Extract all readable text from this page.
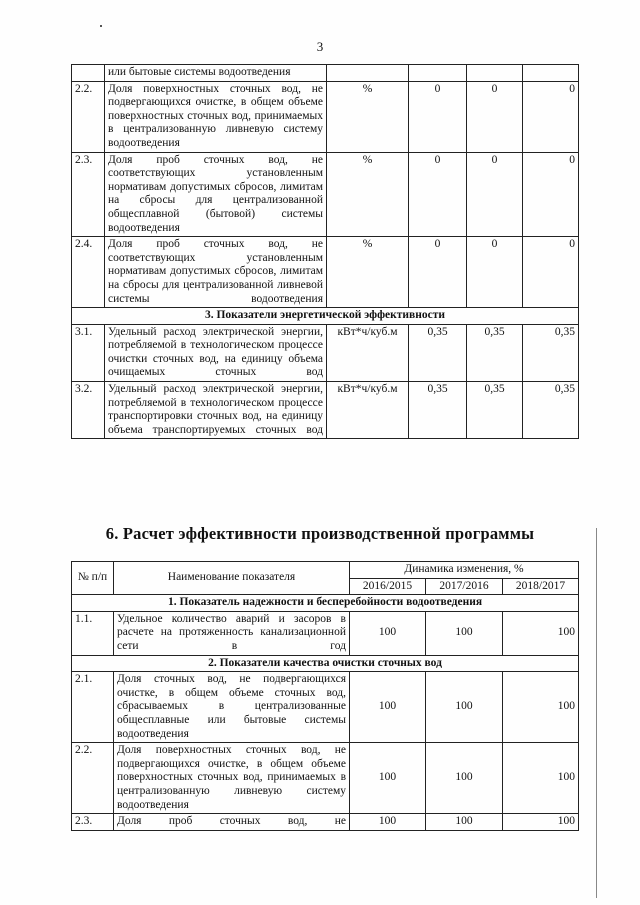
3
	или бытовые системы водоотведения				
2.2.	Доля поверхностных сточных вод, не подвергающихся очистке, в общем объеме поверхностных сточных вод, принимаемых в централизованную ливневую систему водоотведения	%	0	0	0
2.3.	Доля проб сточных вод, не соответствующих установленным нормативам допустимых сбросов, лимитам на сбросы для централизованной общесплавной (бытовой) системы водоотведения	%	0	0	0
2.4.	Доля проб сточных вод, не соответствующих установленным нормативам допустимых сбросов, лимитам на сбросы для централизованной ливневой системы водоотведения	%	0	0	0
3. Показатели энергетической эффективности					
3.1.	Удельный расход электрической энергии, потребляемой в технологическом процессе очистки сточных вод, на единицу объема очищаемых сточных вод	кВт*ч/куб.м	0,35	0,35	0,35
3.2.	Удельный расход электрической энергии, потребляемой в технологическом процессе транспортировки сточных вод, на единицу объема транспортируемых сточных вод	кВт*ч/куб.м	0,35	0,35	0,35
6. Расчет эффективности производственной программы
№ п/п	Наименование показателя	Динамика изменения, %		
		2016/2015	2017/2016	2018/2017
1. Показатель надежности и бесперебойности водоотведения				
1.1.	Удельное количество аварий и засоров в расчете на протяженность канализационной сети в год	100	100	100
2. Показатели качества очистки сточных вод				
2.1.	Доля сточных вод, не подвергающихся очистке, в общем объеме сточных вод, сбрасываемых в централизованные общесплавные или бытовые системы водоотведения	100	100	100
2.2.	Доля поверхностных сточных вод, не подвергающихся очистке, в общем объеме поверхностных сточных вод, принимаемых в централизованную ливневую систему водоотведения	100	100	100
2.3.	Доля проб сточных вод, не	100	100	100
